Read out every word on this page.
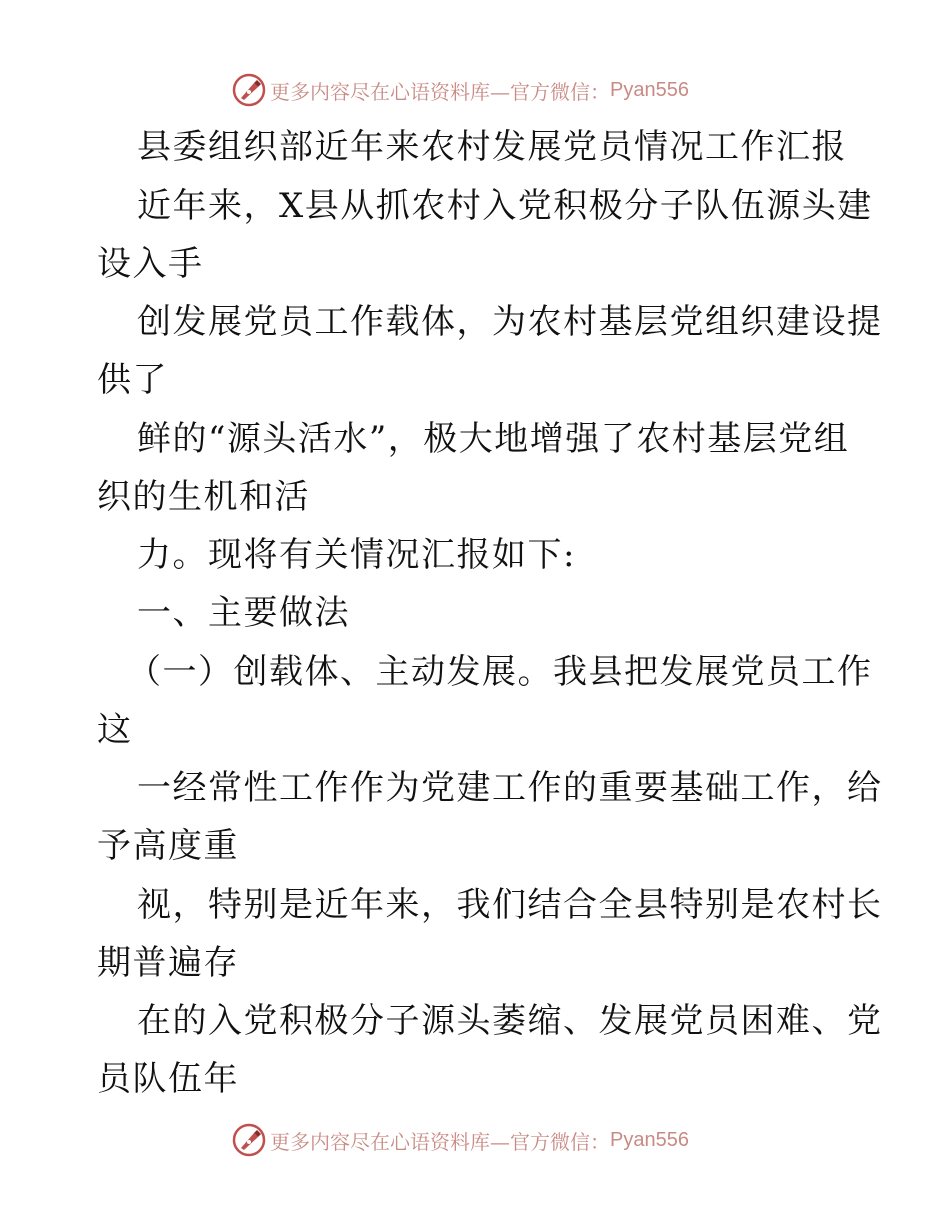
更多内容尽在心语资料库—官方微信： Pyan556
县委组织部近年来农村发展党员情况工作汇报
近年来，X县从抓农村入党积极分子队伍源头建
设入手
创发展党员工作载体，为农村基层党组织建设提
供了
鲜的“源头活水”，极大地增强了农村基层党组
织的生机和活
力。现将有关情况汇报如下:
一、主要做法
（一）创载体、主动发展。我县把发展党员工作
这
一经常性工作作为党建工作的重要基础工作，给
予高度重
视，特别是近年来，我们结合全县特别是农村长
期普遍存
在的入党积极分子源头萎缩、发展党员困难、党
员队伍年
更多内容尽在心语资料库—官方微信： Pyan556
